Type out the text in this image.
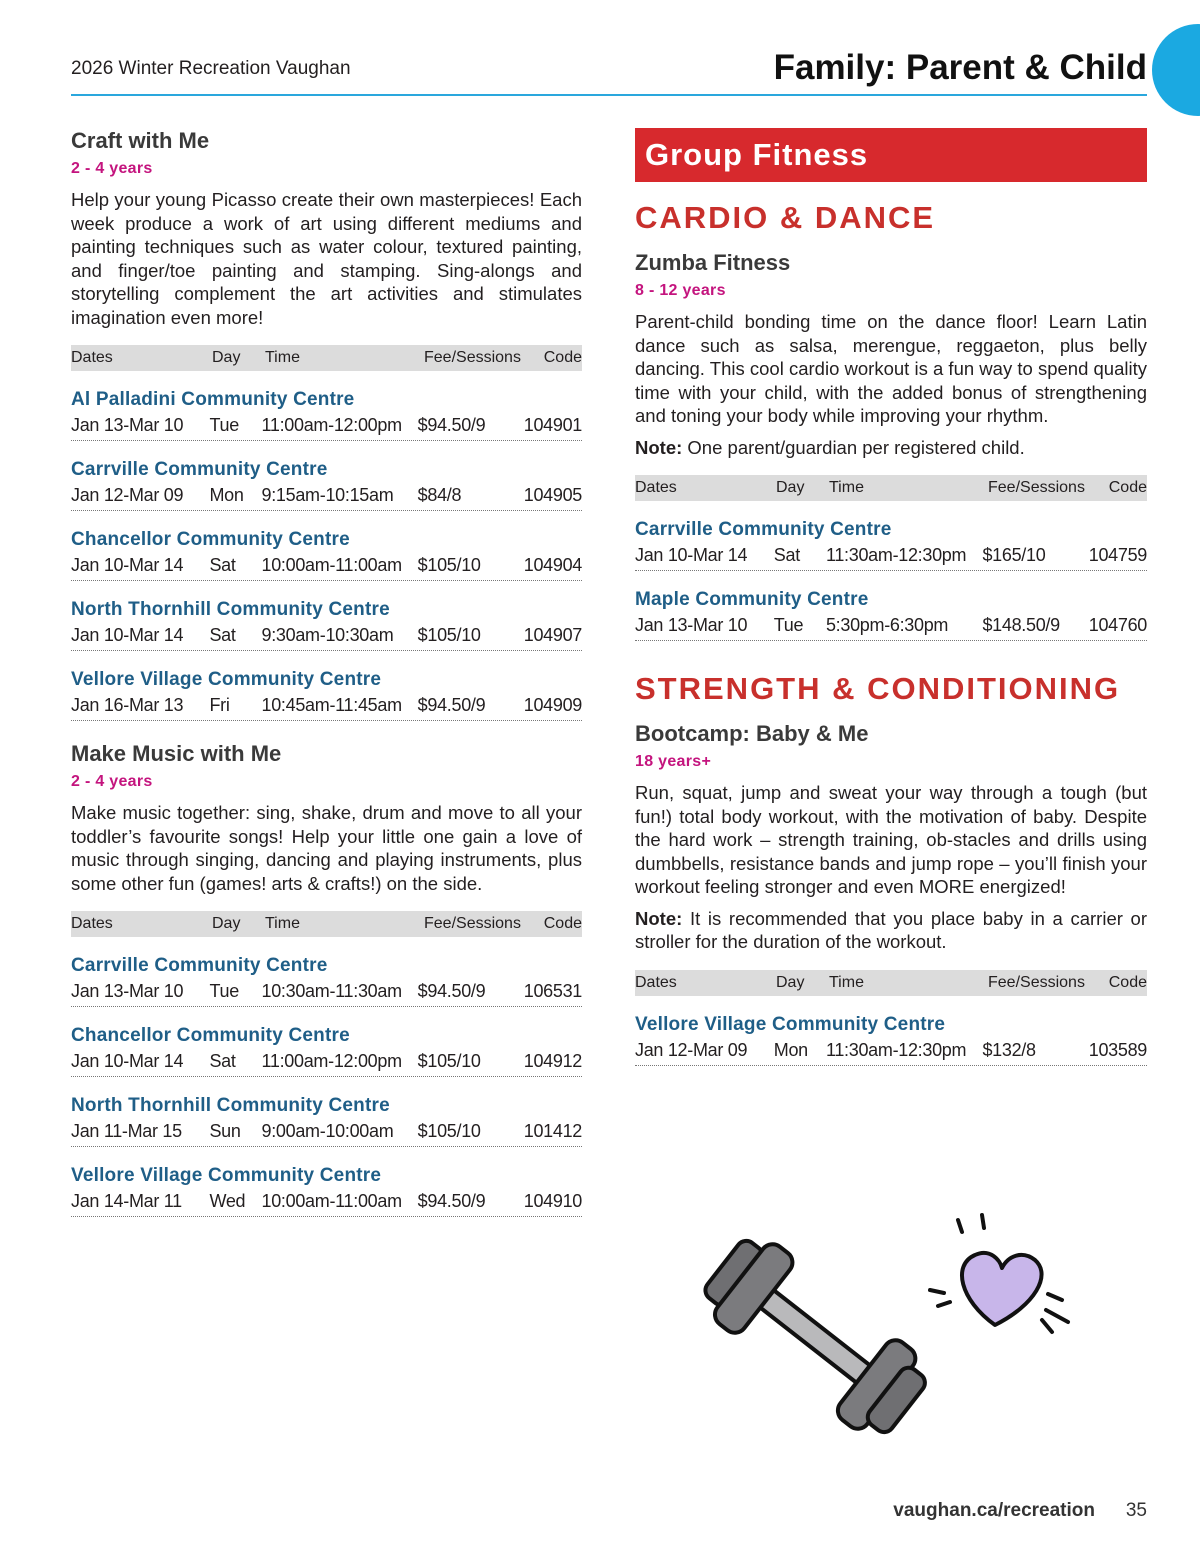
2026 Winter Recreation Vaughan	Family: Parent & Child
Craft with Me
2 - 4 years
Help your young Picasso create their own masterpieces! Each week produce a work of art using different mediums and painting techniques such as water colour, textured painting, and finger/toe painting and stamping. Sing-alongs and storytelling complement the art activities and stimulates imagination even more!
Dates	Day	Time	Fee/Sessions	Code
Al Palladini Community Centre
Jan 13-Mar 10	Tue	11:00am-12:00pm $94.50/9	104901
Carrville Community Centre
Jan 12-Mar 09	Mon 9:15am-10:15am	$84/8	104905
Chancellor Community Centre
Jan 10-Mar 14	Sat	10:00am-11:00am $105/10	104904
North Thornhill Community Centre
Jan 10-Mar 14	Sat	9:30am-10:30am	$105/10	104907
Vellore Village Community Centre
Jan 16-Mar 13	Fri	10:45am-11:45am $94.50/9	104909
Make Music with Me
2 - 4 years
Make music together: sing, shake, drum and move to all your toddler’s favourite songs! Help your little one gain a love of music through singing, dancing and playing instruments, plus some other fun (games! arts & crafts!) on the side.
Dates	Day	Time	Fee/Sessions	Code
Carrville Community Centre
Jan 13-Mar 10	Tue	10:30am-11:30am $94.50/9	106531
Chancellor Community Centre
Jan 10-Mar 14	Sat	11:00am-12:00pm $105/10	104912
North Thornhill Community Centre
Jan 11-Mar 15	Sun	9:00am-10:00am	$105/10	101412
Vellore Village Community Centre
Jan 14-Mar 11	Wed 10:00am-11:00am $94.50/9	104910
Group Fitness
CARDIO & DANCE
Zumba Fitness
8 - 12 years
Parent-child bonding time on the dance floor! Learn Latin dance such as salsa, merengue, reggaeton, plus belly dancing. This cool cardio workout is a fun way to spend quality time with your child, with the added bonus of strengthening and toning your body while improving your rhythm.
Note: One parent/guardian per registered child.
Dates	Day	Time	Fee/Sessions	Code
Carrville Community Centre
Jan 10-Mar 14	Sat	11:30am-12:30pm $165/10	104759
Maple Community Centre
Jan 13-Mar 10	Tue	5:30pm-6:30pm	$148.50/9	104760
STRENGTH & CONDITIONING
Bootcamp: Baby & Me
18 years+
Run, squat, jump and sweat your way through a tough (but fun!) total body workout, with the motivation of baby. Despite the hard work – strength training, ob-stacles and drills using dumbbells, resistance bands and jump rope – you’ll finish your workout feeling stronger and even MORE energized!
Note: It is recommended that you place baby in a carrier or stroller for the duration of the workout.
Dates	Day	Time	Fee/Sessions	Code
Vellore Village Community Centre
Jan 12-Mar 09	Mon	11:30am-12:30pm $132/8	103589
vaughan.ca/recreation 35
